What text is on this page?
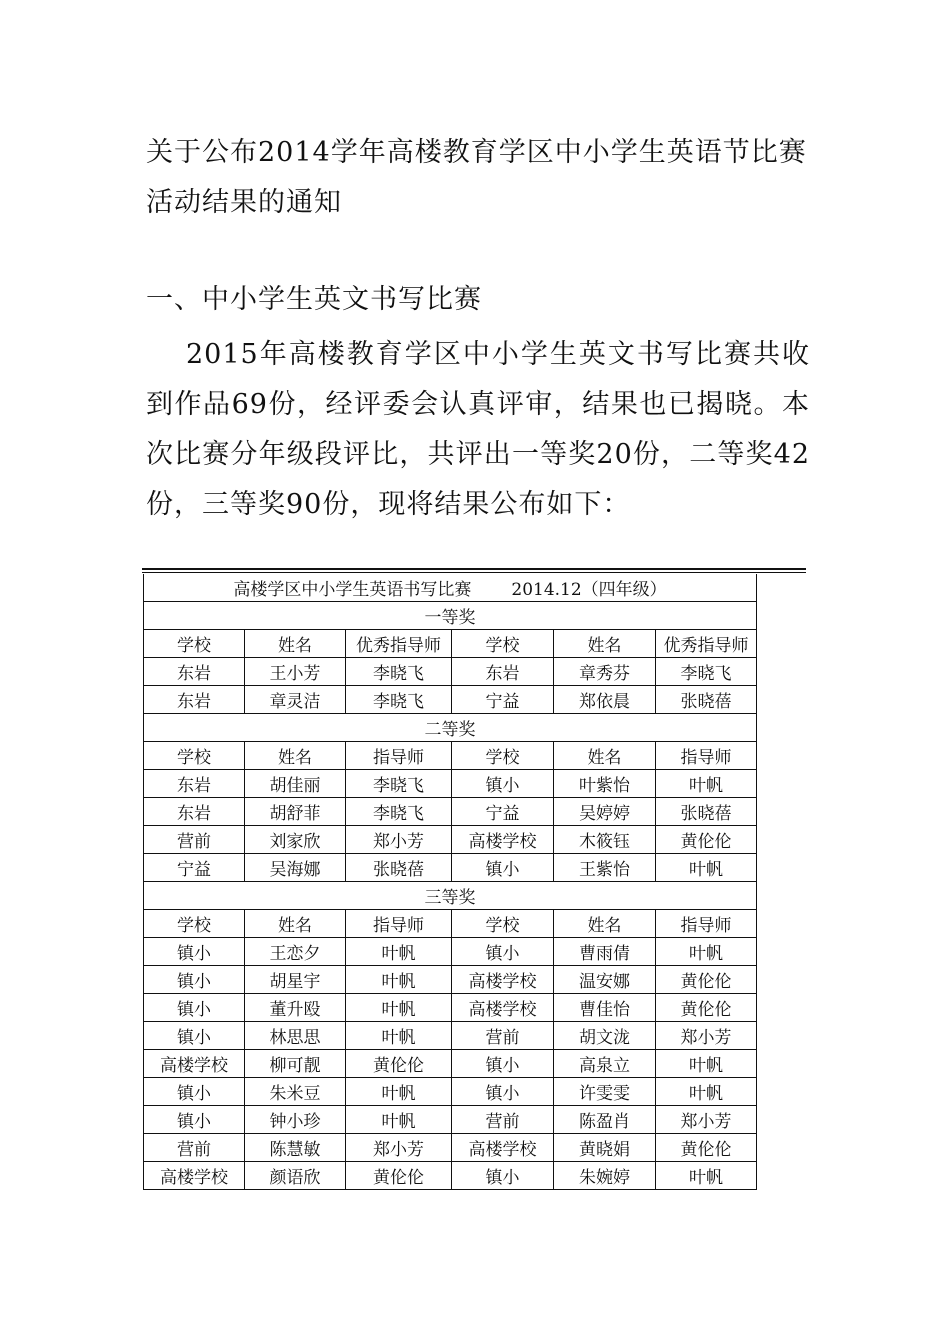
关于公布2014学年高楼教育学区中小学生英语节比赛活动结果的通知
一、中小学生英文书写比赛
2015年高楼教育学区中小学生英文书写比赛共收到作品69份，经评委会认真评审，结果也已揭晓。本次比赛分年级段评比，共评出一等奖20份，二等奖42份，三等奖90份，现将结果公布如下：
高楼学区中小学生英语书写比赛 2014.12（四年级）					
一等奖					
学校	姓名	优秀指导师	学校	姓名	优秀指导师
东岩	王小芳	李晓飞	东岩	章秀芬	李晓飞
东岩	章灵洁	李晓飞	宁益	郑依晨	张晓蓓
二等奖					
学校	姓名	指导师	学校	姓名	指导师
东岩	胡佳丽	李晓飞	镇小	叶紫怡	叶帆
东岩	胡舒菲	李晓飞	宁益	吴婷婷	张晓蓓
营前	刘家欣	郑小芳	高楼学校	木筱钰	黄伦伦
宁益	吴海娜	张晓蓓	镇小	王紫怡	叶帆
三等奖					
学校	姓名	指导师	学校	姓名	指导师
镇小	王恋夕	叶帆	镇小	曹雨倩	叶帆
镇小	胡星宇	叶帆	高楼学校	温安娜	黄伦伦
镇小	董升殴	叶帆	高楼学校	曹佳怡	黄伦伦
镇小	林思思	叶帆	营前	胡文泷	郑小芳
高楼学校	柳可靓	黄伦伦	镇小	高泉立	叶帆
镇小	朱米豆	叶帆	镇小	许雯雯	叶帆
镇小	钟小珍	叶帆	营前	陈盈肖	郑小芳
营前	陈慧敏	郑小芳	高楼学校	黄晓娟	黄伦伦
高楼学校	颜语欣	黄伦伦	镇小	朱婉婷	叶帆
